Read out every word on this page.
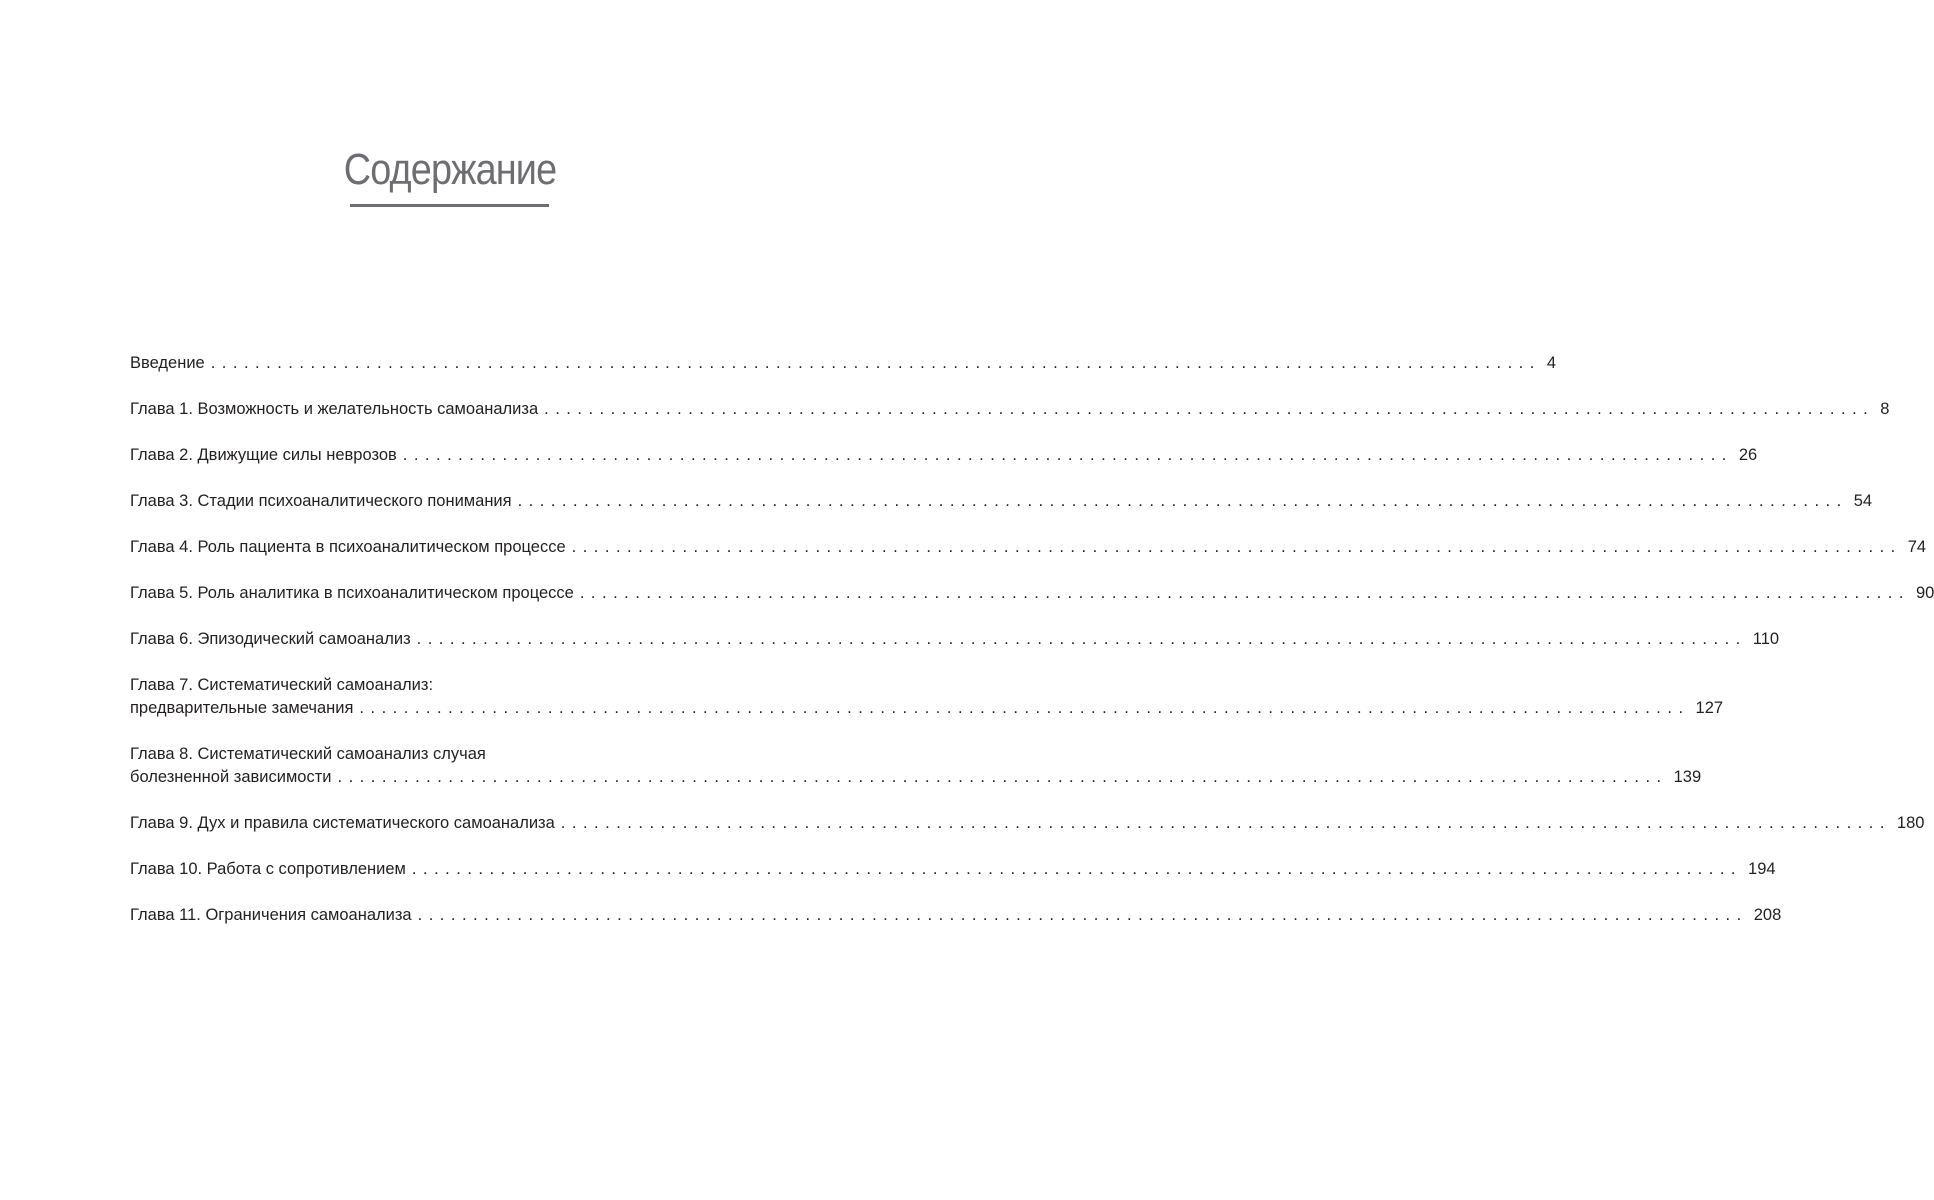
Содержание
Введение ........................................................................................................................ 4
Глава 1. Возможность и желательность самоанализа ........................................................................................................................ 8
Глава 2. Движущие силы неврозов ........................................................................................................................ 26
Глава 3. Стадии психоаналитического понимания ........................................................................................................................ 54
Глава 4. Роль пациента в психоаналитическом процессе ........................................................................................................................ 74
Глава 5. Роль аналитика в психоаналитическом процессе ........................................................................................................................ 90
Глава 6. Эпизодический самоанализ ........................................................................................................................ 110
Глава 7. Систематический самоанализ:
предварительные замечания ........................................................................................................................ 127
Глава 8. Систематический самоанализ случая
болезненной зависимости ........................................................................................................................ 139
Глава 9. Дух и правила систематического самоанализа ........................................................................................................................ 180
Глава 10. Работа с сопротивлением ........................................................................................................................ 194
Глава 11. Ограничения самоанализа ........................................................................................................................ 208
